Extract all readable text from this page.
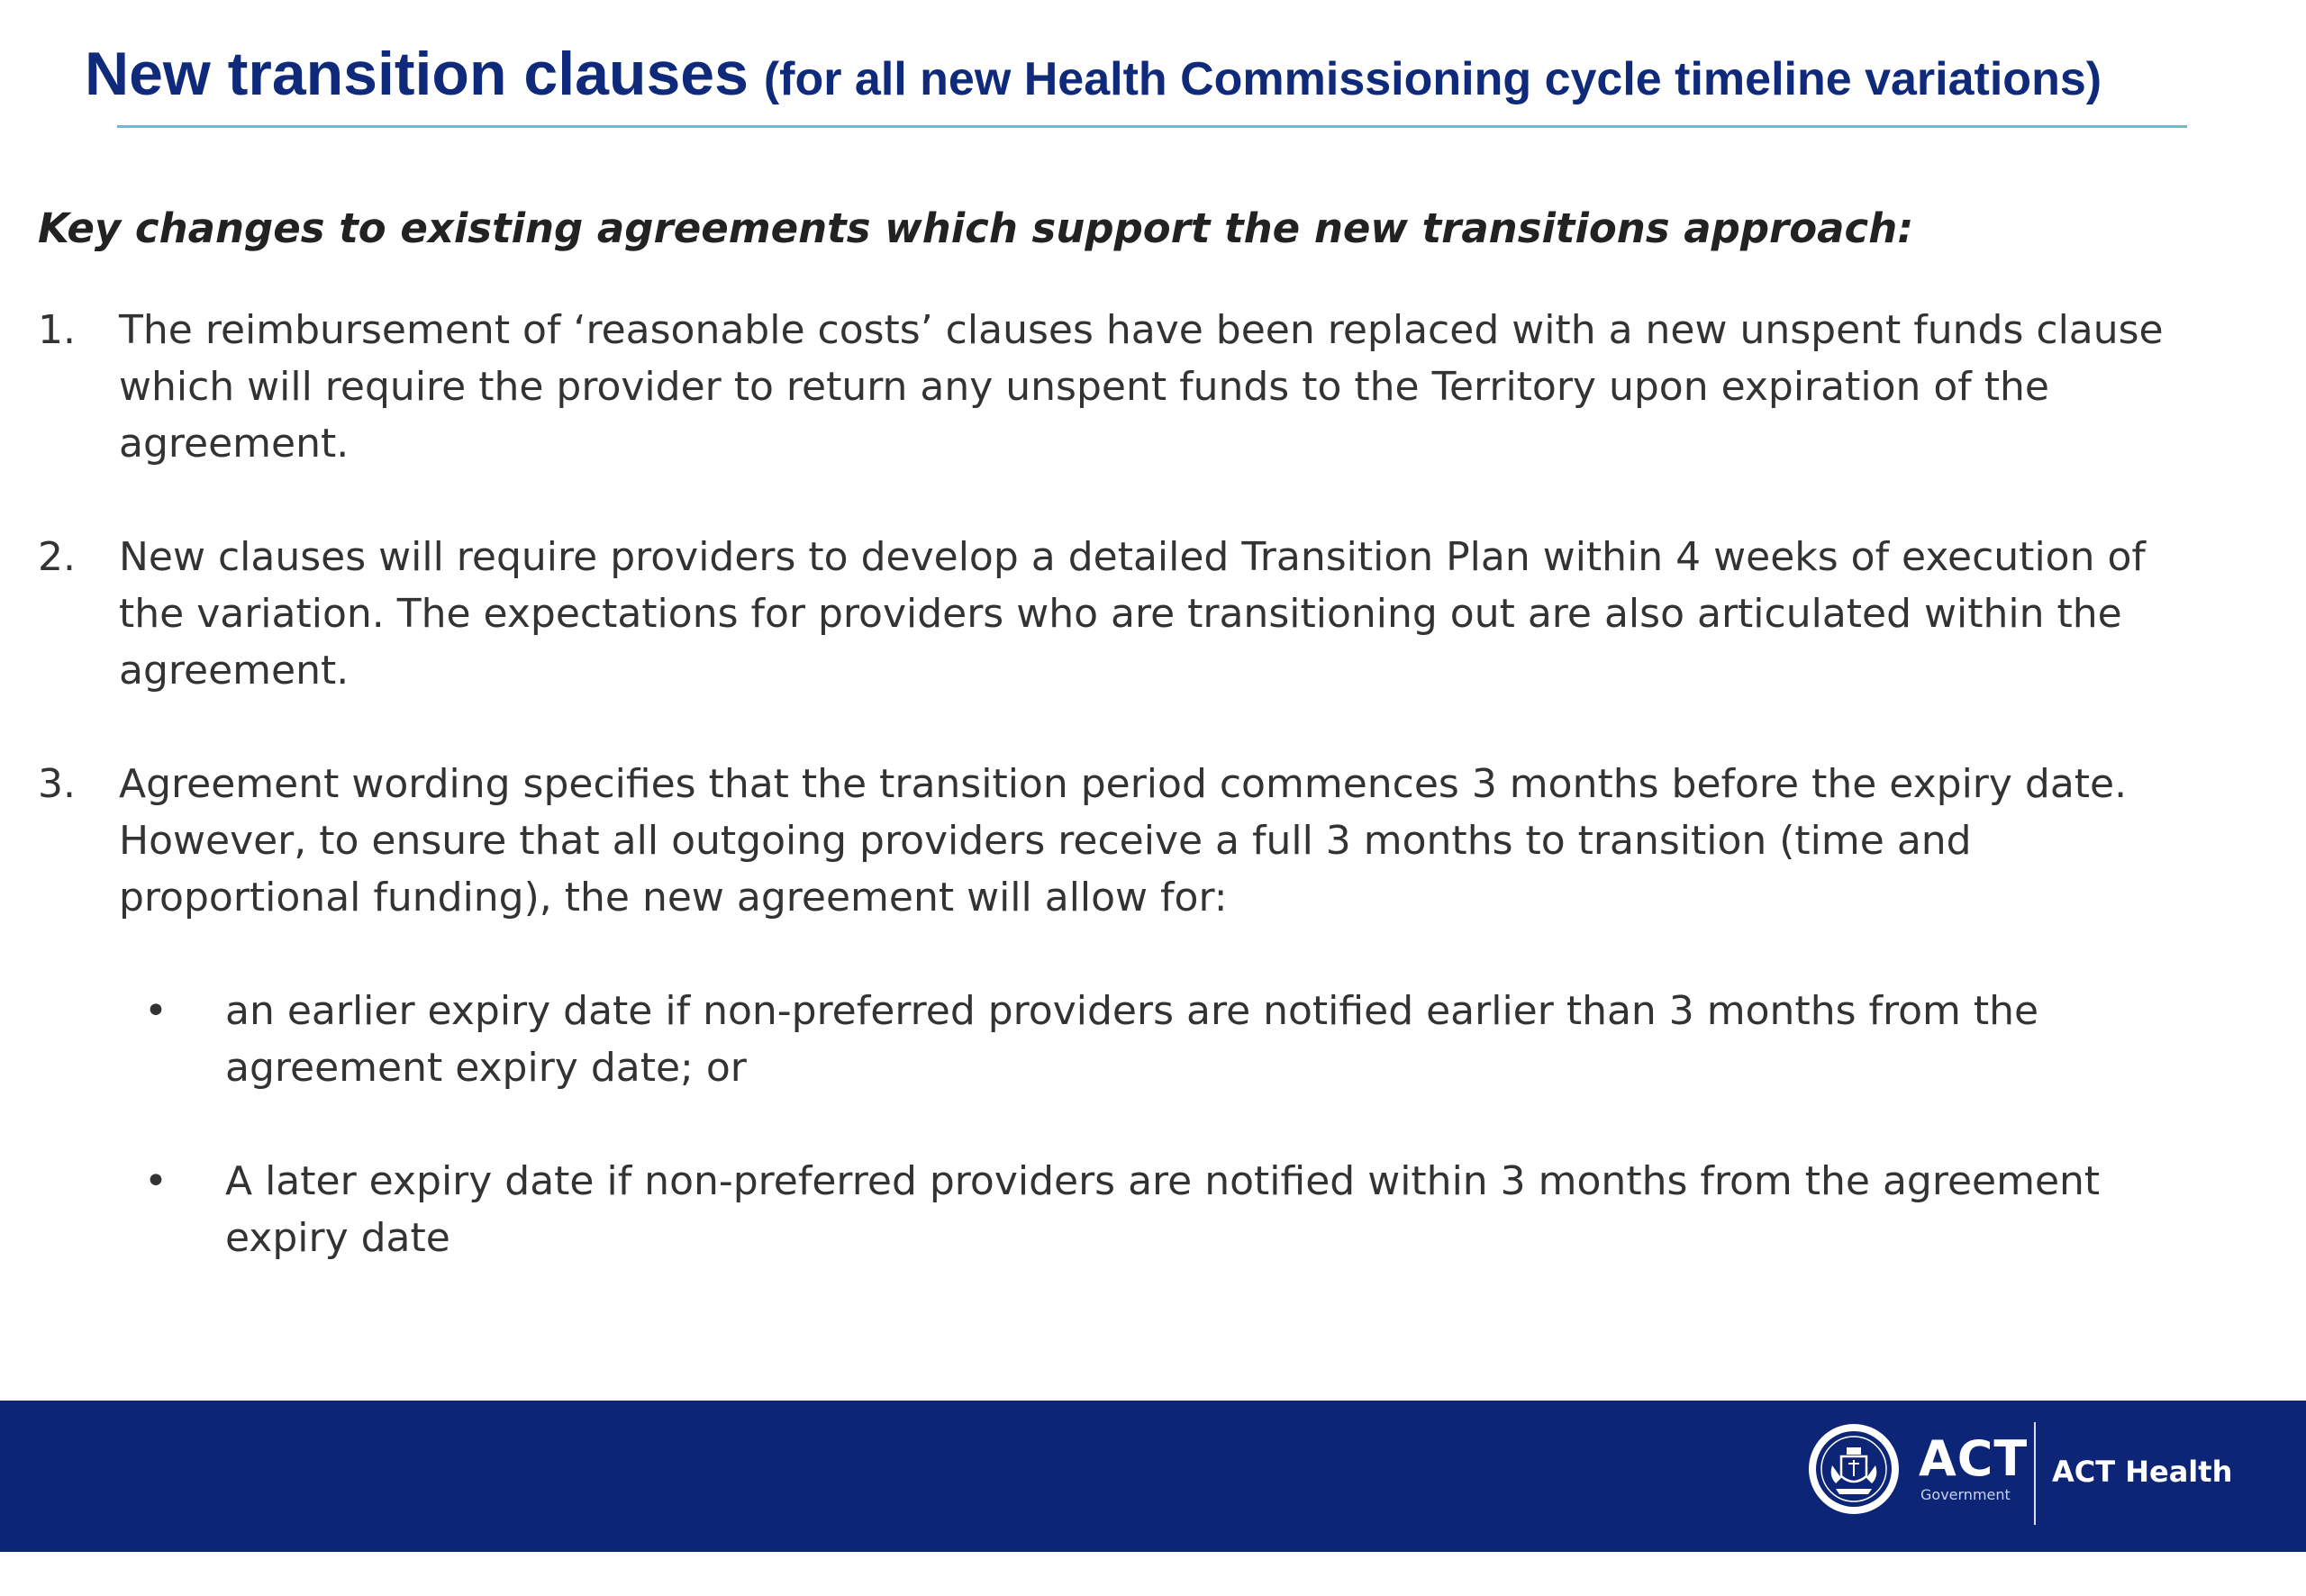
New transition clauses (for all new Health Commissioning cycle timeline variations)

Key changes to existing agreements which support the new transitions approach:

1. The reimbursement of ‘reasonable costs’ clauses have been replaced with a new unspent funds clause which will require the provider to return any unspent funds to the Territory upon expiration of the agreement.
2. New clauses will require providers to develop a detailed Transition Plan within 4 weeks of execution of the variation. The expectations for providers who are transitioning out are also articulated within the agreement.
3. Agreement wording specifies that the transition period commences 3 months before the expiry date. However, to ensure that all outgoing providers receive a full 3 months to transition (time and proportional funding), the new agreement will allow for:
• an earlier expiry date if non-preferred providers are notified earlier than 3 months from the agreement expiry date; or
• A later expiry date if non-preferred providers are notified within 3 months from the agreement expiry date
ACT
Government
ACT Health
